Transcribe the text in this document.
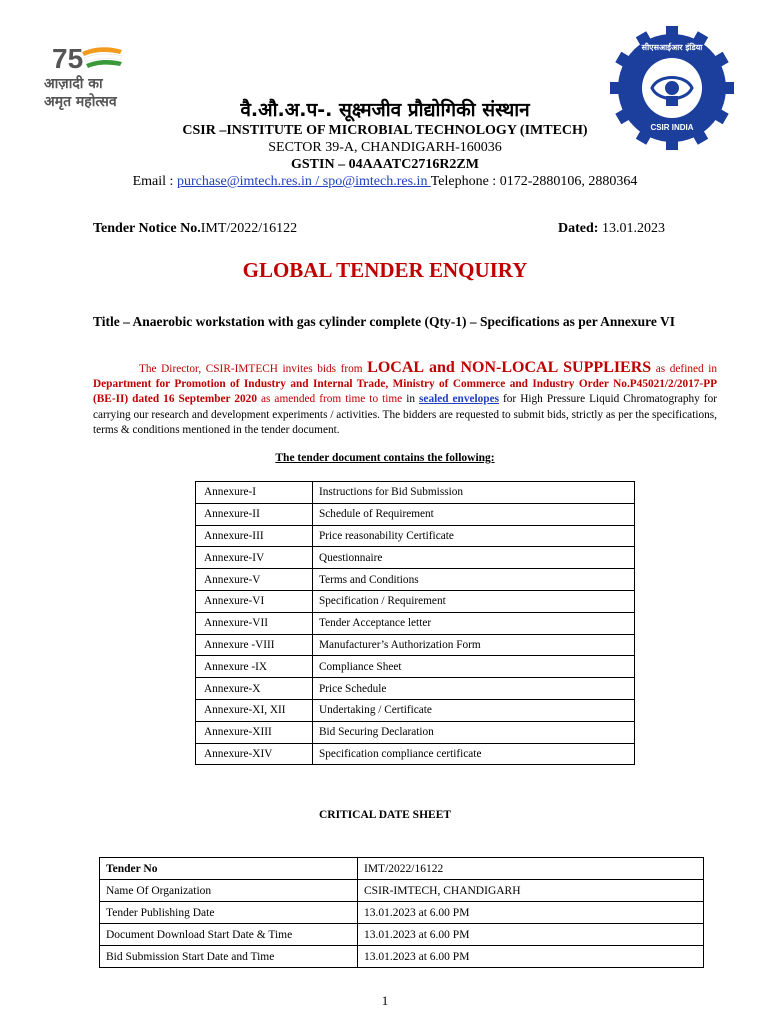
75
आज़ादी का
अमृत महोत्सव
सीएसआईआर इंडिया
CSIR INDIA
वै.औ.अ.प-. सूक्ष्मजीव प्रौद्योगिकी संस्थान
CSIR –INSTITUTE OF MICROBIAL TECHNOLOGY (IMTECH)
SECTOR 39-A, CHANDIGARH-160036
GSTIN – 04AAATC2716R2ZM
Email : purchase@imtech.res.in / spo@imtech.res.in Telephone : 0172-2880106, 2880364
Tender Notice No.IMT/2022/16122	Dated: 13.01.2023
GLOBAL TENDER ENQUIRY
Title – Anaerobic workstation with gas cylinder complete (Qty-1) – Specifications as per Annexure VI
The Director, CSIR-IMTECH invites bids from LOCAL and NON-LOCAL SUPPLIERS as defined in Department for Promotion of Industry and Internal Trade, Ministry of Commerce and Industry Order No.P45021/2/2017-PP (BE-II) dated 16 September 2020 as amended from time to time in sealed envelopes for High Pressure Liquid Chromatography for carrying our research and development experiments / activities. The bidders are requested to submit bids, strictly as per the specifications, terms & conditions mentioned in the tender document.
The tender document contains the following:
Annexure-I	Instructions for Bid Submission
Annexure-II	Schedule of Requirement
Annexure-III	Price reasonability Certificate
Annexure-IV	Questionnaire
Annexure-V	Terms and Conditions
Annexure-VI	Specification / Requirement
Annexure-VII	Tender Acceptance letter
Annexure -VIII	Manufacturer’s Authorization Form
Annexure -IX	Compliance Sheet
Annexure-X	Price Schedule
Annexure-XI, XII	Undertaking / Certificate
Annexure-XIII	Bid Securing Declaration
Annexure-XIV	Specification compliance certificate
CRITICAL DATE SHEET
Tender No	IMT/2022/16122
Name Of Organization	CSIR-IMTECH, CHANDIGARH
Tender Publishing Date	13.01.2023 at 6.00 PM
Document Download Start Date & Time	13.01.2023 at 6.00 PM
Bid Submission Start Date and Time	13.01.2023 at 6.00 PM
1
